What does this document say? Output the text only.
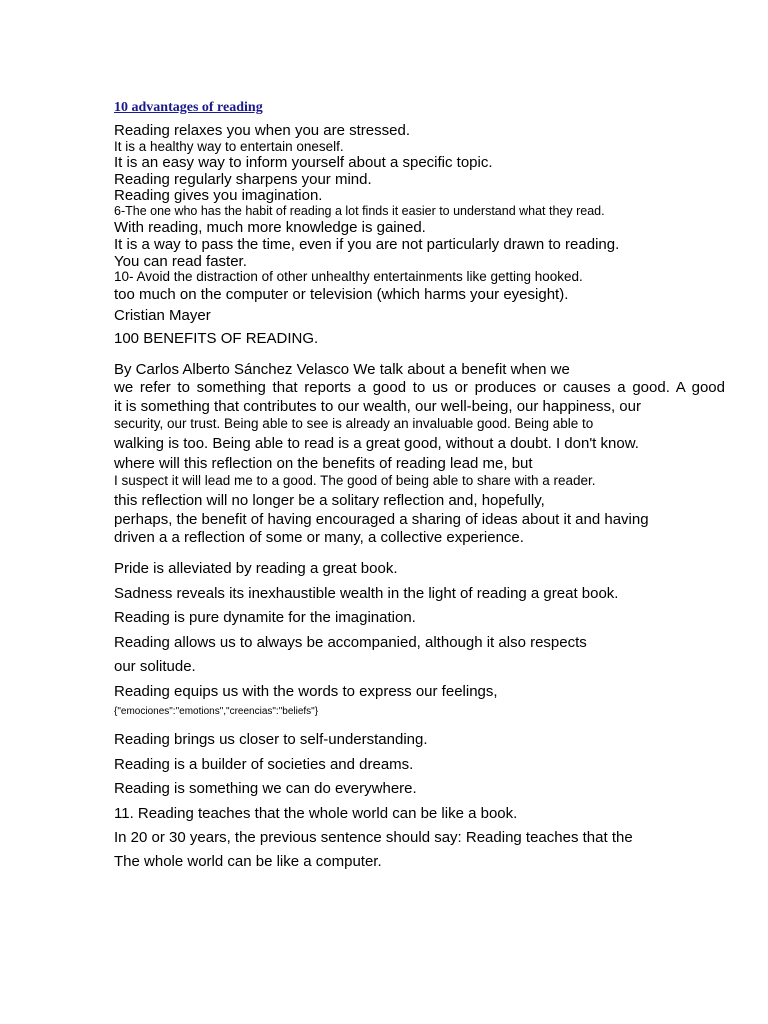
10 advantages of reading
Reading relaxes you when you are stressed.
It is a healthy way to entertain oneself.
It is an easy way to inform yourself about a specific topic.
Reading regularly sharpens your mind.
Reading gives you imagination.
6-The one who has the habit of reading a lot finds it easier to understand what they read.
With reading, much more knowledge is gained.
It is a way to pass the time, even if you are not particularly drawn to reading.
You can read faster.
10- Avoid the distraction of other unhealthy entertainments like getting hooked.
too much on the computer or television (which harms your eyesight).
Cristian Mayer
100 BENEFITS OF READING.
By Carlos Alberto Sánchez Velasco We talk about a benefit when we
we refer to something that reports a good to us or produces or causes a good. A good
it is something that contributes to our wealth, our well-being, our happiness, our
security, our trust. Being able to see is already an invaluable good. Being able to
walking is too. Being able to read is a great good, without a doubt. I don't know.
where will this reflection on the benefits of reading lead me, but
I suspect it will lead me to a good. The good of being able to share with a reader.
this reflection will no longer be a solitary reflection and, hopefully,
perhaps, the benefit of having encouraged a sharing of ideas about it and having
driven a a reflection of some or many, a collective experience.
Pride is alleviated by reading a great book.
Sadness reveals its inexhaustible wealth in the light of reading a great book.
Reading is pure dynamite for the imagination.
Reading allows us to always be accompanied, although it also respects
our solitude.
Reading equips us with the words to express our feelings,
{"emociones":"emotions","creencias":"beliefs"}
Reading brings us closer to self-understanding.
Reading is a builder of societies and dreams.
Reading is something we can do everywhere.
11. Reading teaches that the whole world can be like a book.
In 20 or 30 years, the previous sentence should say: Reading teaches that the
The whole world can be like a computer.
